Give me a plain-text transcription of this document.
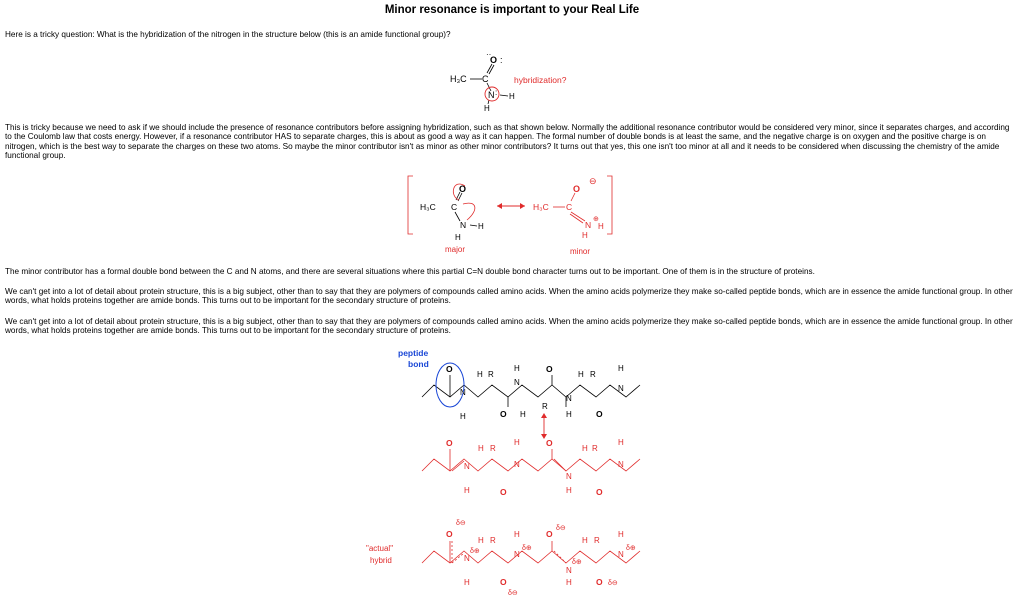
Minor resonance is important to your Real Life
Here is a tricky question: What is the hybridization of the nitrogen in the structure below (this is an amide functional group)?
H₃C C
O
··
:
N : H
H
hybridization?
This is tricky because we need to ask if we should include the presence of resonance contributors before assigning hybridization, such as that shown below. Normally the additional resonance contributor would be considered very minor, since it separates charges, and according to the Coulomb law that costs energy. However, if a resonance contributor HAS to separate charges, this is about as good a way as it can happen. The formal number of double bonds is at least the same, and the negative charge is on oxygen and the positive charge is on nitrogen, which is the best way to separate the charges on these two atoms. So maybe the minor contributor isn't as minor as other minor contributors? It turns out that yes, this one isn't too minor at all and it needs to be considered when discussing the chemistry of the amide functional group.
H₃C C
O
N H
H
major
H₃C C
O
⊖
N
⊕
H
H
minor
The minor contributor has a formal double bond between the C and N atoms, and there are several situations where this partial C=N double bond character turns out to be important. One of them is in the structure of proteins.
We can't get into a lot of detail about protein structure, this is a big subject, other than to say that they are polymers of compounds called amino acids. When the amino acids polymerize they make so-called peptide bonds, which are in essence the amide functional group. In other words, what holds proteins together are amide bonds. This turns out to be important for the secondary structure of proteins.
We can't get into a lot of detail about protein structure, this is a big subject, other than to say that they are polymers of compounds called amino acids. When the amino acids polymerize they make so-called peptide bonds, which are in essence the amide functional group. In other words, what holds proteins together are amide bonds. This turns out to be important for the secondary structure of proteins.
peptide
bond
"actual"
hybrid
O
N
H
H R
H
N
O H
R
O
N
H
H R
H
N
O
O
N
H
H R
H
N
O
O
N
H
H R
H
N
O
O
δ⊖
N
δ⊕
H
H R
H
N
δ⊕
O
δ⊖
O
δ⊖
N
δ⊕
H
H R
H
N
δ⊕
O δ⊖
